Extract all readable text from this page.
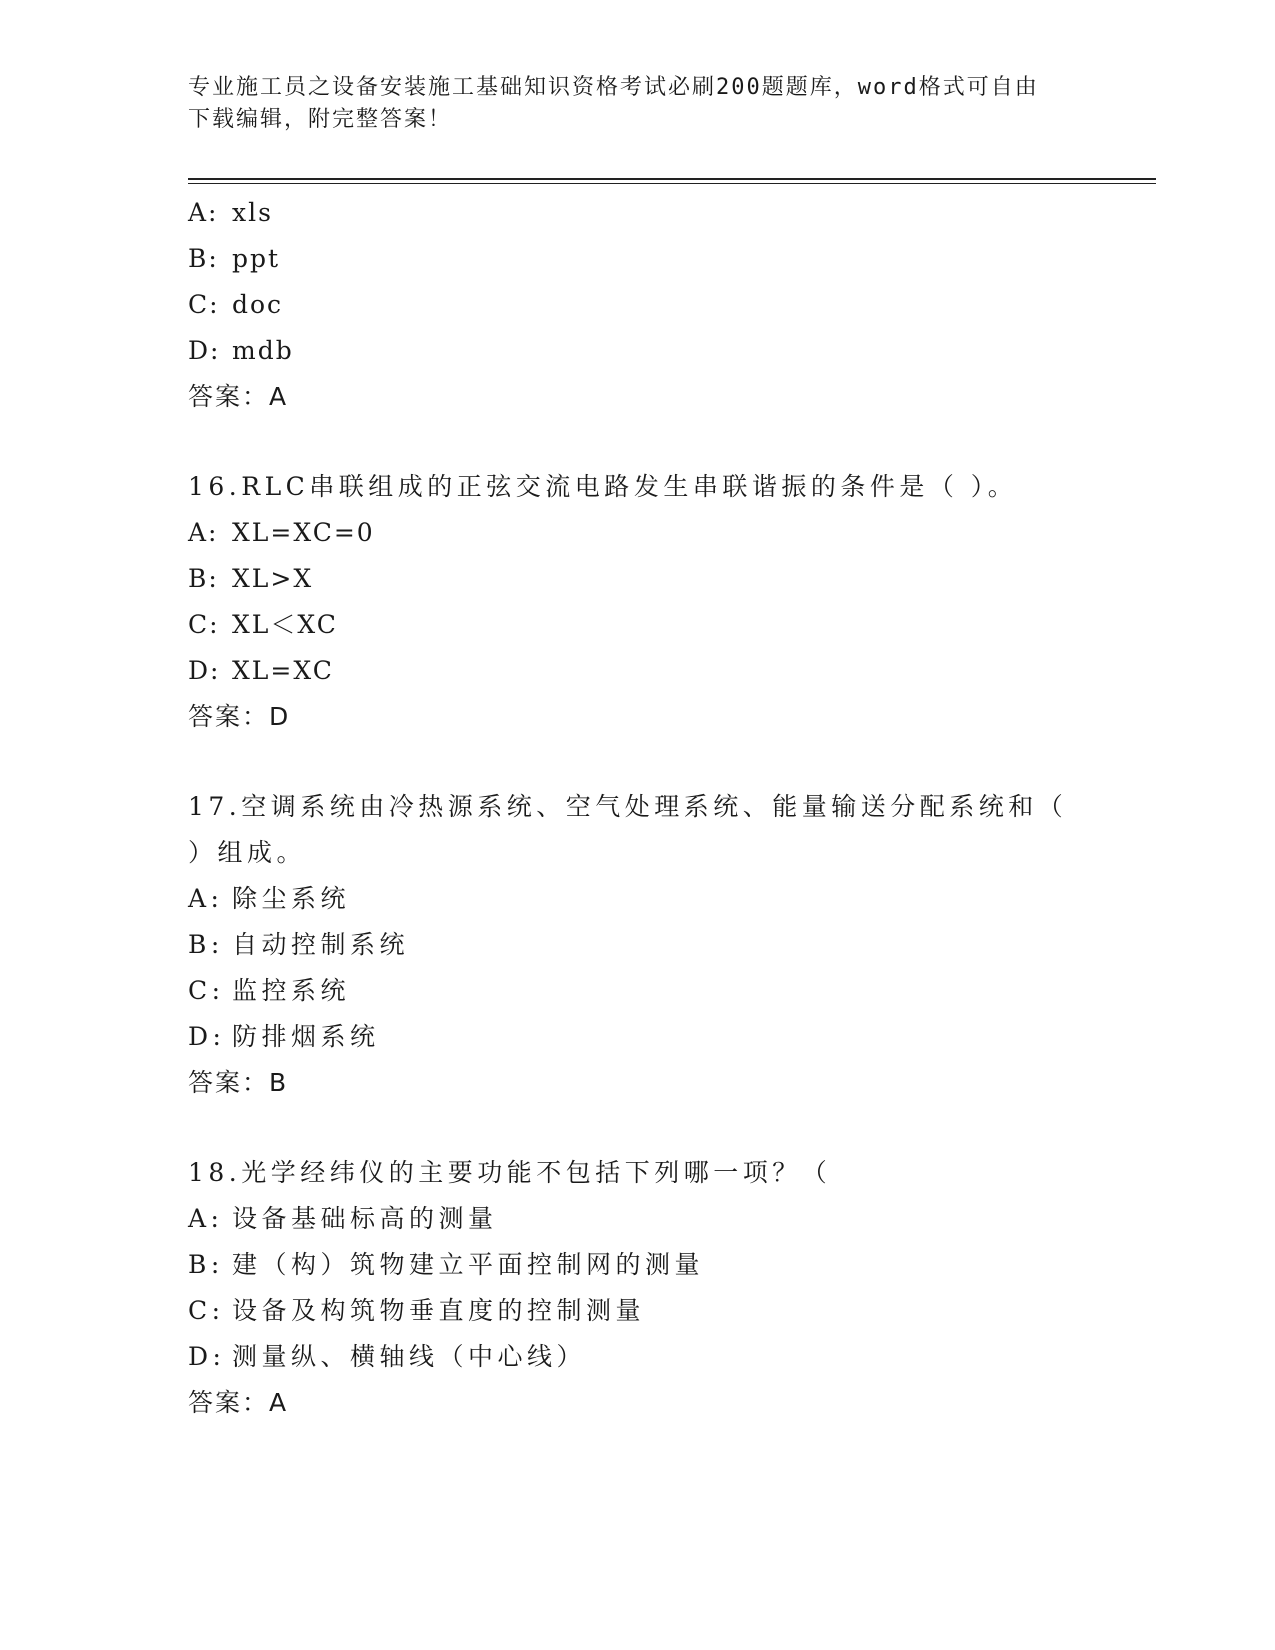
专业施工员之设备安装施工基础知识资格考试必刷200题题库，word格式可自由
下载编辑，附完整答案！
A: xls
B: ppt
C: doc
D: mdb
答案：A
16.RLC串联组成的正弦交流电路发生串联谐振的条件是（ ）。
A: XL=XC=0
B: XL>X
C: XL＜XC
D: XL=XC
答案：D
17.空调系统由冷热源系统、空气处理系统、能量输送分配系统和（
）组成。
A: 除尘系统
B: 自动控制系统
C: 监控系统
D: 防排烟系统
答案：B
18.光学经纬仪的主要功能不包括下列哪一项？（
A: 设备基础标高的测量
B: 建（构）筑物建立平面控制网的测量
C: 设备及构筑物垂直度的控制测量
D: 测量纵、横轴线（中心线）
答案：A
